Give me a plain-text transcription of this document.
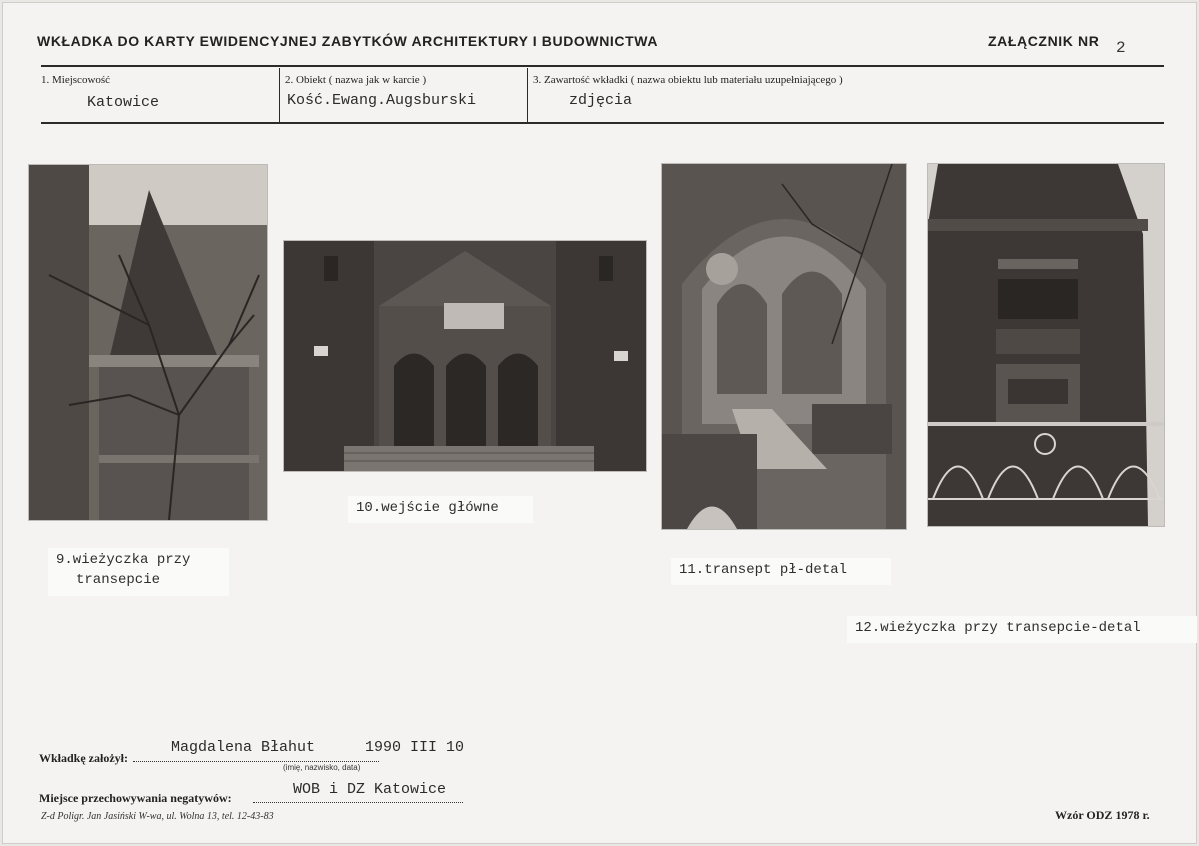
WKŁADKA DO KARTY EWIDENCYJNEJ ZABYTKÓW ARCHITEKTURY I BUDOWNICTWA	ZAŁĄCZNIK NR 2
1. Miejscowość
Katowice
2. Obiekt ( nazwa jak w karcie )
Kość.Ewang.Augsburski
3. Zawartość wkładki ( nazwa obiektu lub materiału uzupełniającego )
zdjęcia
9.wieżyczka przy
transepcie
10.wejście główne
11.transept pł-detal
12.wieżyczka przy transepcie-detal
Wkładkę założył:
Magdalena Błahut	1990 III 10
(imię, nazwisko, data)
Miejsce przechowywania negatywów:	WOB i DZ Katowice
Z-d Poligr. Jan Jasiński W-wa, ul. Wolna 13, tel. 12-43-83	Wzór ODZ 1978 r.
